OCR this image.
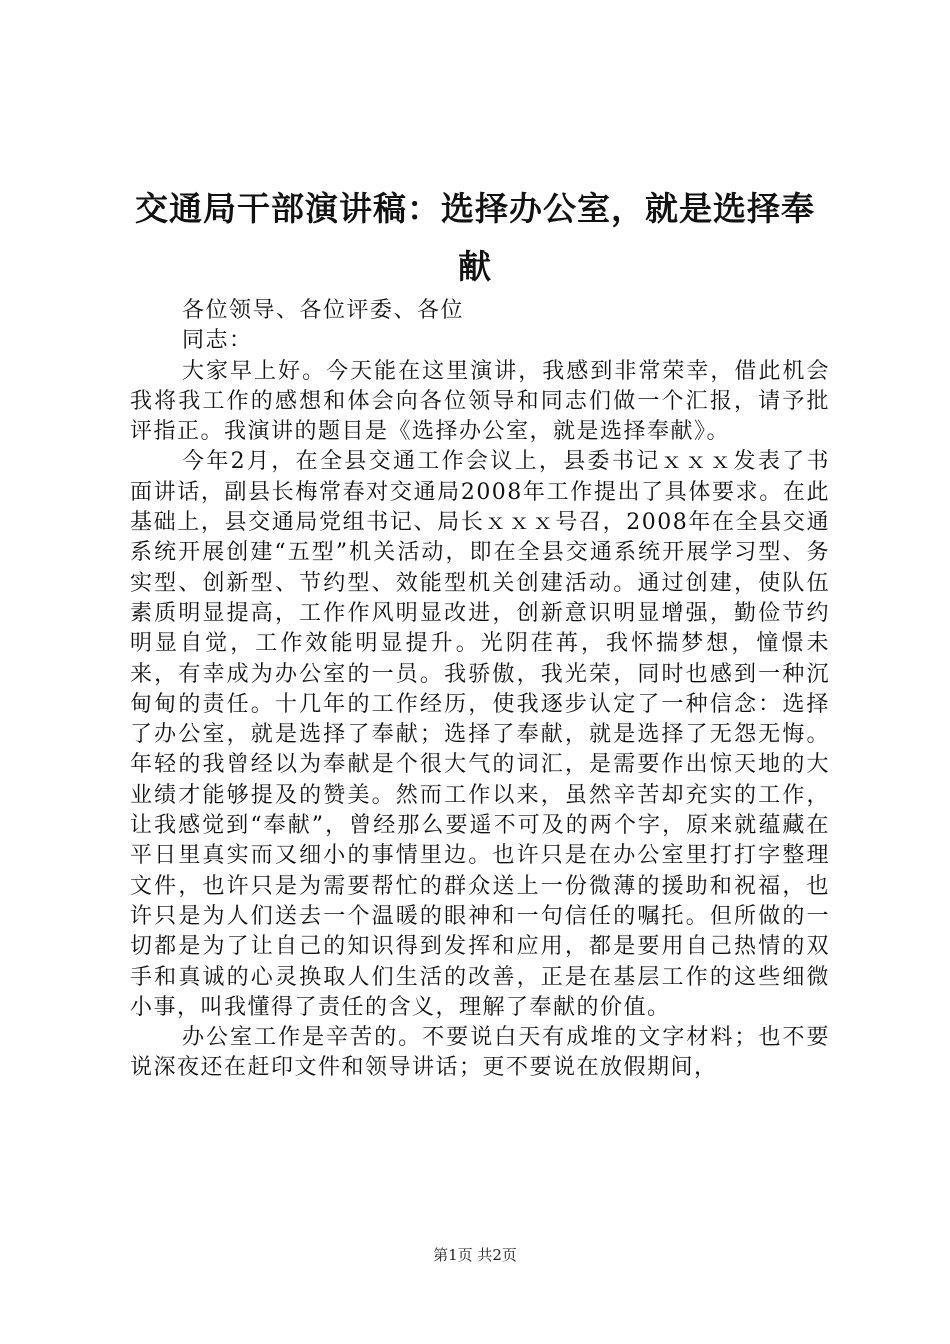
交通局干部演讲稿：选择办公室，就是选择奉献

各位领导、各位评委、各位

同志：

大家早上好。今天能在这里演讲，我感到非常荣幸，借此机会我将我工作的感想和体会向各位领导和同志们做一个汇报，请予批评指正。我演讲的题目是《选择办公室，就是选择奉献》。

今年2月，在全县交通工作会议上，县委书记ｘｘｘ发表了书面讲话，副县长梅常春对交通局2008年工作提出了具体要求。在此基础上，县交通局党组书记、局长ｘｘｘ号召，2008年在全县交通系统开展创建“五型”机关活动，即在全县交通系统开展学习型、务实型、创新型、节约型、效能型机关创建活动。通过创建，使队伍素质明显提高，工作作风明显改进，创新意识明显增强，勤俭节约明显自觉，工作效能明显提升。光阴荏苒，我怀揣梦想，憧憬未来，有幸成为办公室的一员。我骄傲，我光荣，同时也感到一种沉甸甸的责任。十几年的工作经历，使我逐步认定了一种信念：选择了办公室，就是选择了奉献；选择了奉献，就是选择了无怨无悔。年轻的我曾经以为奉献是个很大气的词汇，是需要作出惊天地的大业绩才能够提及的赞美。然而工作以来，虽然辛苦却充实的工作，让我感觉到“奉献”，曾经那么要遥不可及的两个字，原来就蕴藏在平日里真实而又细小的事情里边。也许只是在办公室里打打字整理文件，也许只是为需要帮忙的群众送上一份微薄的援助和祝福，也许只是为人们送去一个温暖的眼神和一句信任的嘱托。但所做的一切都是为了让自己的知识得到发挥和应用，都是要用自己热情的双手和真诚的心灵换取人们生活的改善，正是在基层工作的这些细微小事，叫我懂得了责任的含义，理解了奉献的价值。

办公室工作是辛苦的。不要说白天有成堆的文字材料；也不要说深夜还在赶印文件和领导讲话；更不要说在放假期间，

第1页 共2页
